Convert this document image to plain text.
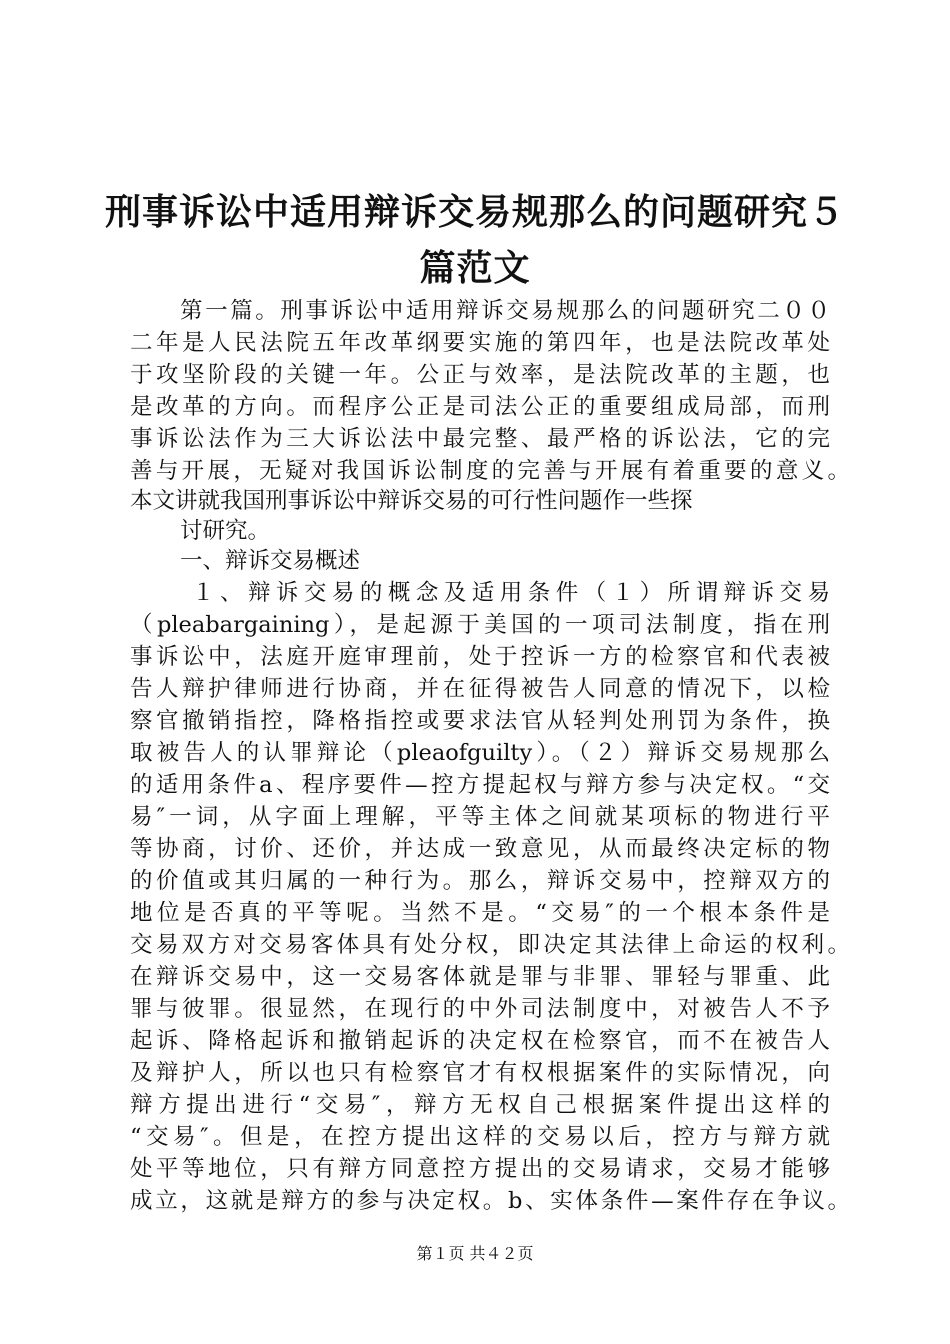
刑事诉讼中适用辩诉交易规那么的问题研究５
篇范文
第一篇。刑事诉讼中适用辩诉交易规那么的问题研究二００
二年是人民法院五年改革纲要实施的第四年，也是法院改革处
于攻坚阶段的关键一年。公正与效率，是法院改革的主题，也
是改革的方向。而程序公正是司法公正的重要组成局部，而刑
事诉讼法作为三大诉讼法中最完整、最严格的诉讼法，它的完
善与开展，无疑对我国诉讼制度的完善与开展有着重要的意义。
本文讲就我国刑事诉讼中辩诉交易的可行性问题作一些探
讨研究。
一、辩诉交易概述
１、辩诉交易的概念及适用条件（１）所谓辩诉交易
（pleabargaining），是起源于美国的一项司法制度，指在刑
事诉讼中，法庭开庭审理前，处于控诉一方的检察官和代表被
告人辩护律师进行协商，并在征得被告人同意的情况下，以检
察官撤销指控，降格指控或要求法官从轻判处刑罚为条件，换
取被告人的认罪辩论（pleaofguilty）。（２）辩诉交易规那么
的适用条件a、程序要件—控方提起权与辩方参与决定权。“交
易″一词，从字面上理解，平等主体之间就某项标的物进行平
等协商，讨价、还价，并达成一致意见，从而最终决定标的物
的价值或其归属的一种行为。那么，辩诉交易中，控辩双方的
地位是否真的平等呢。当然不是。“交易″的一个根本条件是
交易双方对交易客体具有处分权，即决定其法律上命运的权利。
在辩诉交易中，这一交易客体就是罪与非罪、罪轻与罪重、此
罪与彼罪。很显然，在现行的中外司法制度中，对被告人不予
起诉、降格起诉和撤销起诉的决定权在检察官，而不在被告人
及辩护人，所以也只有检察官才有权根据案件的实际情况，向
辩方提出进行“交易″，辩方无权自己根据案件提出这样的
“交易″。但是，在控方提出这样的交易以后，控方与辩方就
处平等地位，只有辩方同意控方提出的交易请求，交易才能够
成立，这就是辩方的参与决定权。b、实体条件—案件存在争议。
第１页 共４２页
